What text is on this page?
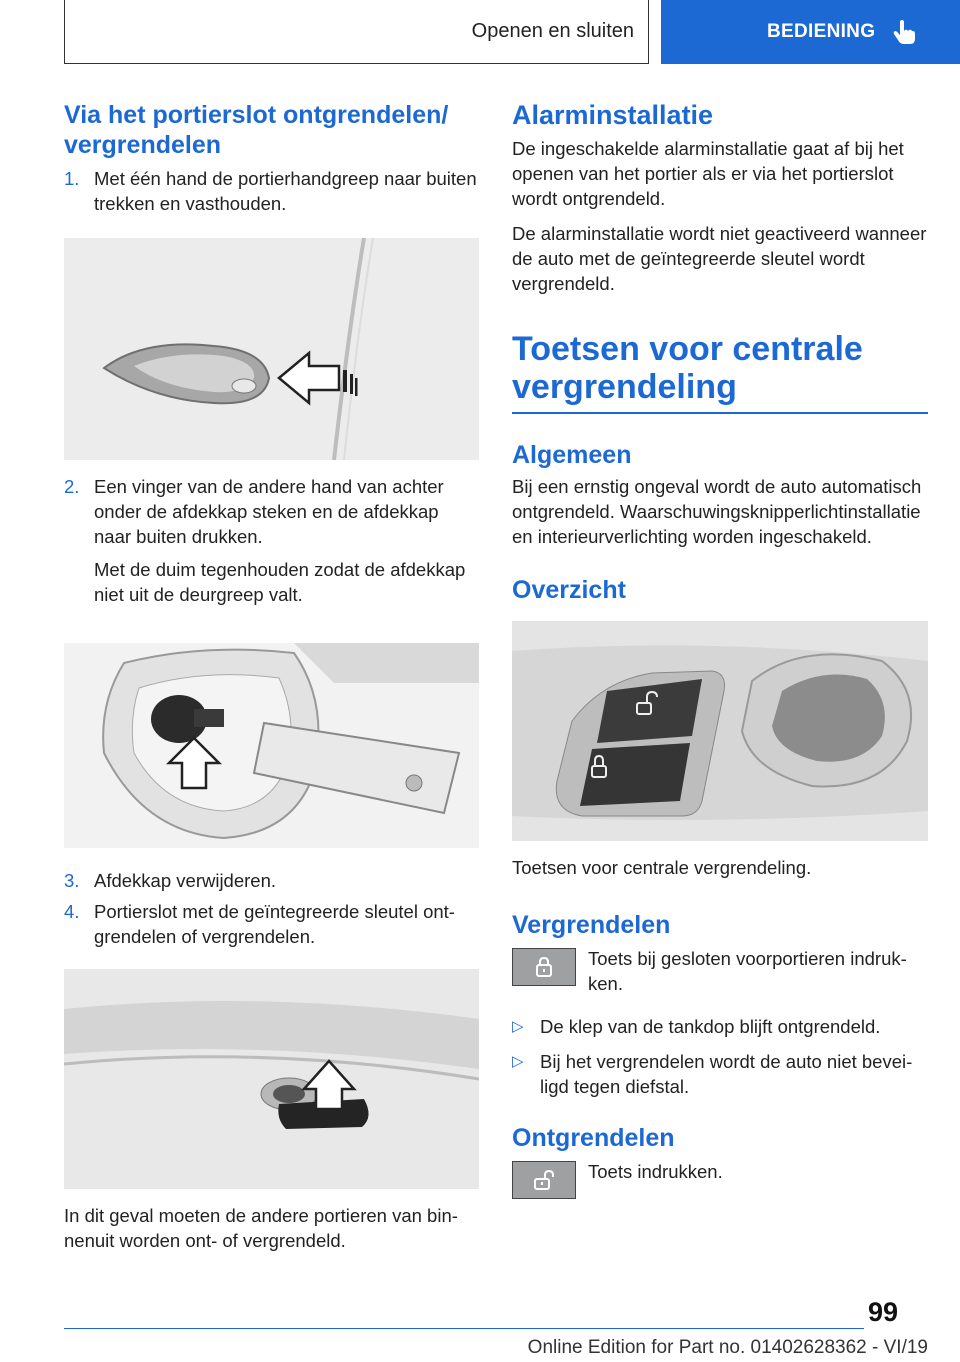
Openen en sluiten	BEDIENING
Via het portierslot ontgrendelen/ vergrendelen
1. Met één hand de portierhandgreep naar buiten trekken en vasthouden.

2. Een vinger van de andere hand van achter onder de afdekkap steken en de afdekkap naar buiten drukken.

Met de duim tegenhouden zodat de afdekkap niet uit de deurgreep valt.

3. Afdekkap verwijderen.

4. Portierslot met de geïntegreerde sleutel ontgrendelen of vergrendelen.

In dit geval moeten de andere portieren van binnenuit worden ont- of vergrendeld.

Alarminstallatie

De ingeschakelde alarminstallatie gaat af bij het openen van het portier als er via het portierslot wordt ontgrendeld.

De alarminstallatie wordt niet geactiveerd wanneer de auto met de geïntegreerde sleutel wordt vergrendeld.

Toetsen voor centrale vergrendeling
Algemeen

Bij een ernstig ongeval wordt de auto automatisch ontgrendeld. Waarschuwingsknipperlichtinstallatie en interieurverlichting worden ingeschakeld.

Overzicht

Toetsen voor centrale vergrendeling.

Vergrendelen

Toets bij gesloten voorportieren indrukken.

▷ De klep van de tankdop blijft ontgrendeld.

▷ Bij het vergrendelen wordt de auto niet beveiligd tegen diefstal.

Ontgrendelen

Toets indrukken.

99
Online Edition for Part no. 01402628362 - VI/19
